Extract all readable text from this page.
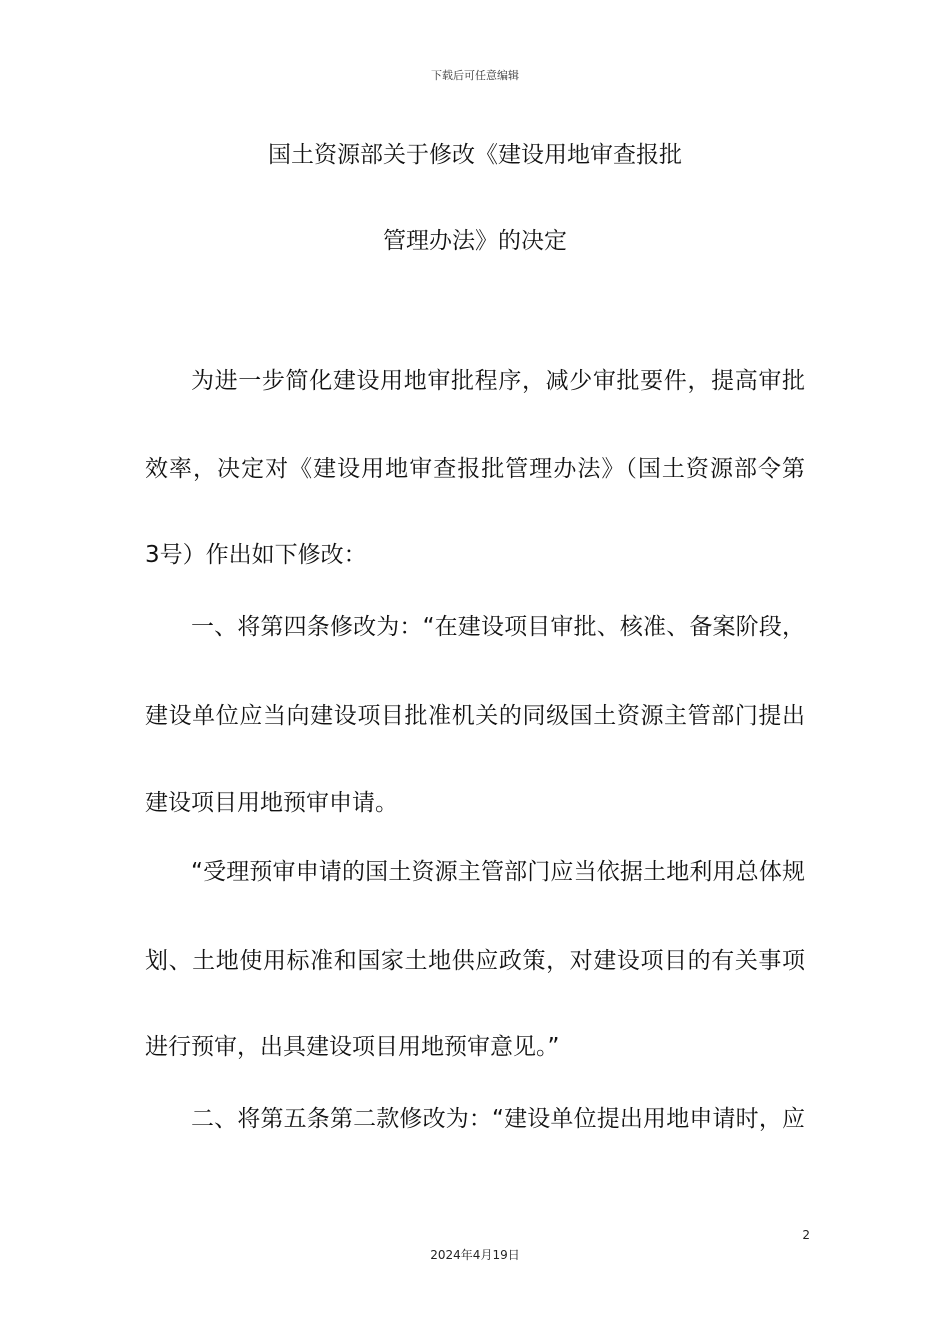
下载后可任意编辑
国土资源部关于修改《建设用地审查报批
管理办法》的决定
为进一步简化建设用地审批程序，减少审批要件，提高审批
效率，决定对《建设用地审查报批管理办法》（国土资源部令第
3号）作出如下修改：
一、将第四条修改为：“在建设项目审批、核准、备案阶段，
建设单位应当向建设项目批准机关的同级国土资源主管部门提出
建设项目用地预审申请。
“受理预审申请的国土资源主管部门应当依据土地利用总体规
划、土地使用标准和国家土地供应政策，对建设项目的有关事项
进行预审，出具建设项目用地预审意见。”
二、将第五条第二款修改为：“建设单位提出用地申请时，应
2
2024年4月19日
